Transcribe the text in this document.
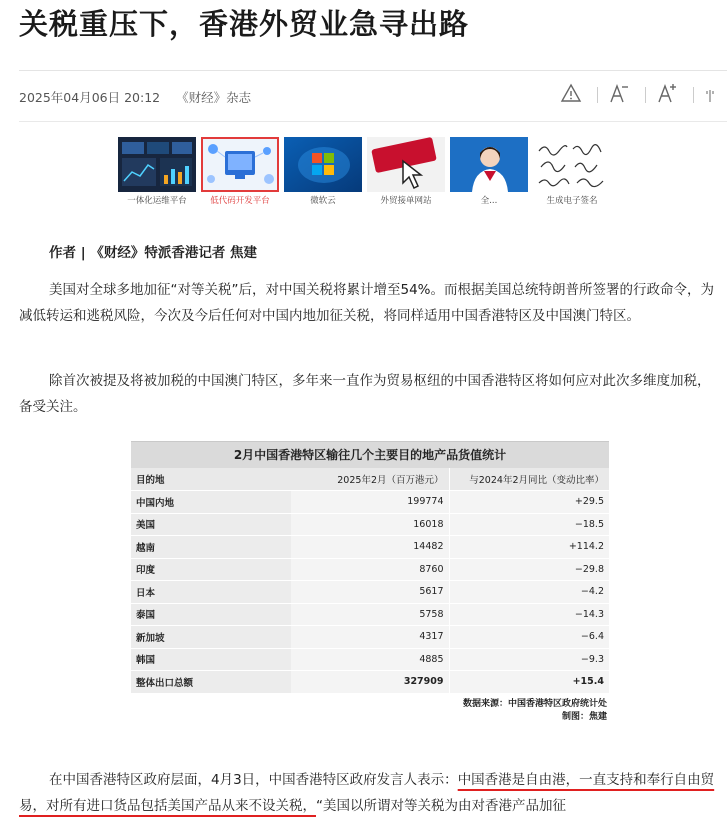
关税重压下，香港外贸业急寻出路
2025年04月06日 20:12 《财经》杂志
一体化运维平台	低代码开发平台	微软云	外贸接单网站	全...	生成电子签名

作者 | 《财经》特派香港记者 焦建

美国对全球多地加征“对等关税”后，对中国关税将累计增至54%。而根据美国总统特朗普所签署的行政命令，为减低转运和逃税风险，今次及今后任何对中国内地加征关税，将同样适用中国香港特区及中国澳门特区。

除首次被提及将被加税的中国澳门特区，多年来一直作为贸易枢纽的中国香港特区将如何应对此次多维度加税，备受关注。

2月中国香港特区输往几个主要目的地产品货值统计
目的地	2025年2月（百万港元）	与2024年2月同比（变动比率）
中国内地	199774	+29.5
美国	16018	−18.5
越南	14482	+114.2
印度	8760	−29.8
日本	5617	−4.2
泰国	5758	−14.3
新加坡	4317	−6.4
韩国	4885	−9.3
整体出口总额	327909	+15.4
数据来源：中国香港特区政府统计处
制图：焦建

在中国香港特区政府层面，4月3日，中国香港特区政府发言人表示：中国香港是自由港，一直支持和奉行自由贸易，对所有进口货品包括美国产品从来不设关税，“美国以所谓对等关税为由对香港产品加征
